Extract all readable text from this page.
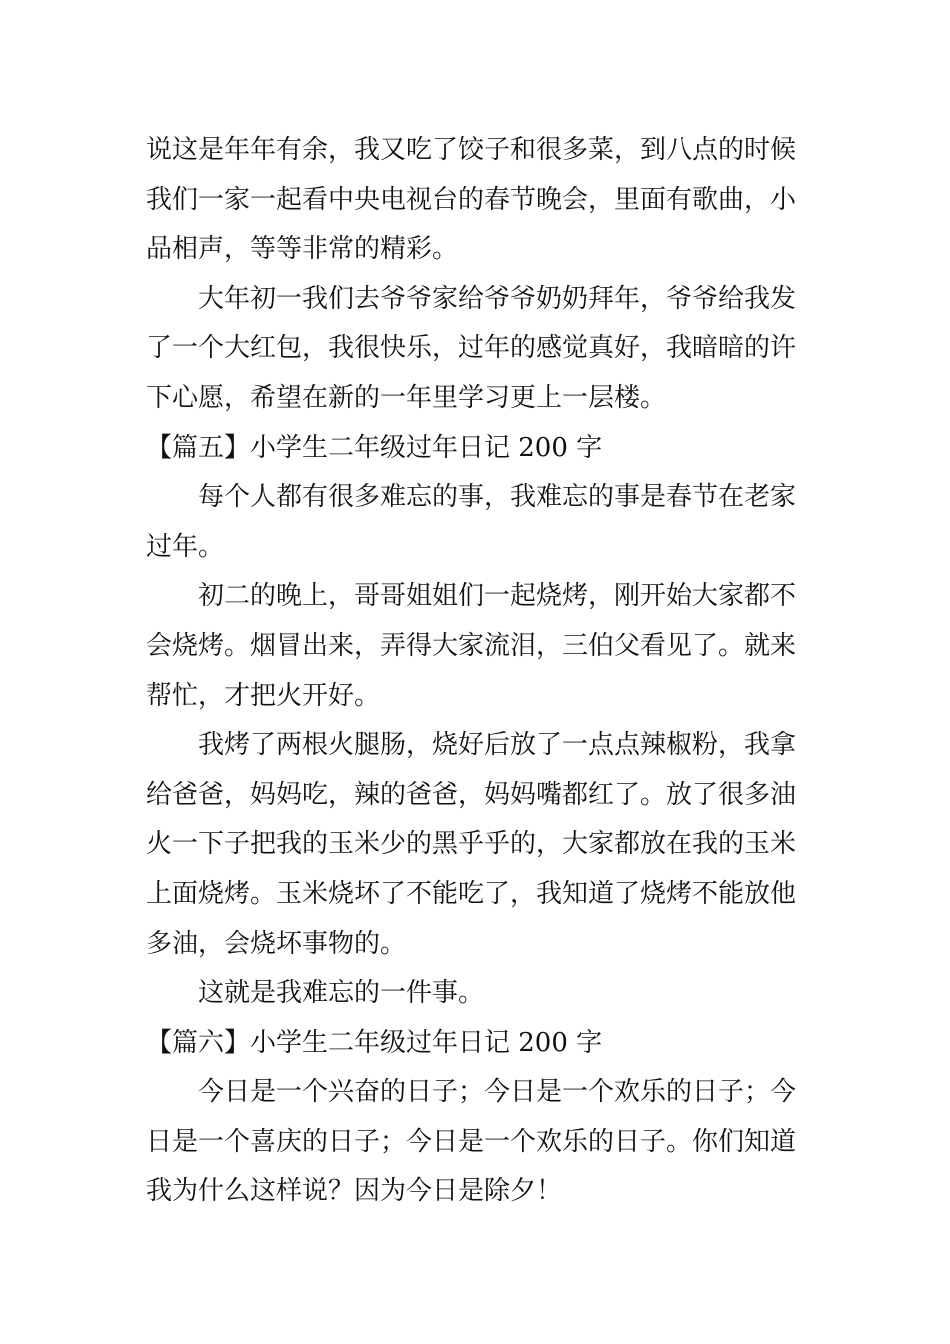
说这是年年有余，我又吃了饺子和很多菜，到八点的时候
我们一家一起看中央电视台的春节晚会，里面有歌曲，小
品相声，等等非常的精彩。
大年初一我们去爷爷家给爷爷奶奶拜年，爷爷给我发
了一个大红包，我很快乐，过年的感觉真好，我暗暗的许
下心愿，希望在新的一年里学习更上一层楼。
【篇五】小学生二年级过年日记 200 字
每个人都有很多难忘的事，我难忘的事是春节在老家
过年。
初二的晚上，哥哥姐姐们一起烧烤，刚开始大家都不
会烧烤。烟冒出来，弄得大家流泪，三伯父看见了。就来
帮忙，才把火开好。
我烤了两根火腿肠，烧好后放了一点点辣椒粉，我拿
给爸爸，妈妈吃，辣的爸爸，妈妈嘴都红了。放了很多油
火一下子把我的玉米少的黑乎乎的，大家都放在我的玉米
上面烧烤。玉米烧坏了不能吃了，我知道了烧烤不能放他
多油，会烧坏事物的。
这就是我难忘的一件事。
【篇六】小学生二年级过年日记 200 字
今日是一个兴奋的日子；今日是一个欢乐的日子；今
日是一个喜庆的日子；今日是一个欢乐的日子。你们知道
我为什么这样说？因为今日是除夕！
